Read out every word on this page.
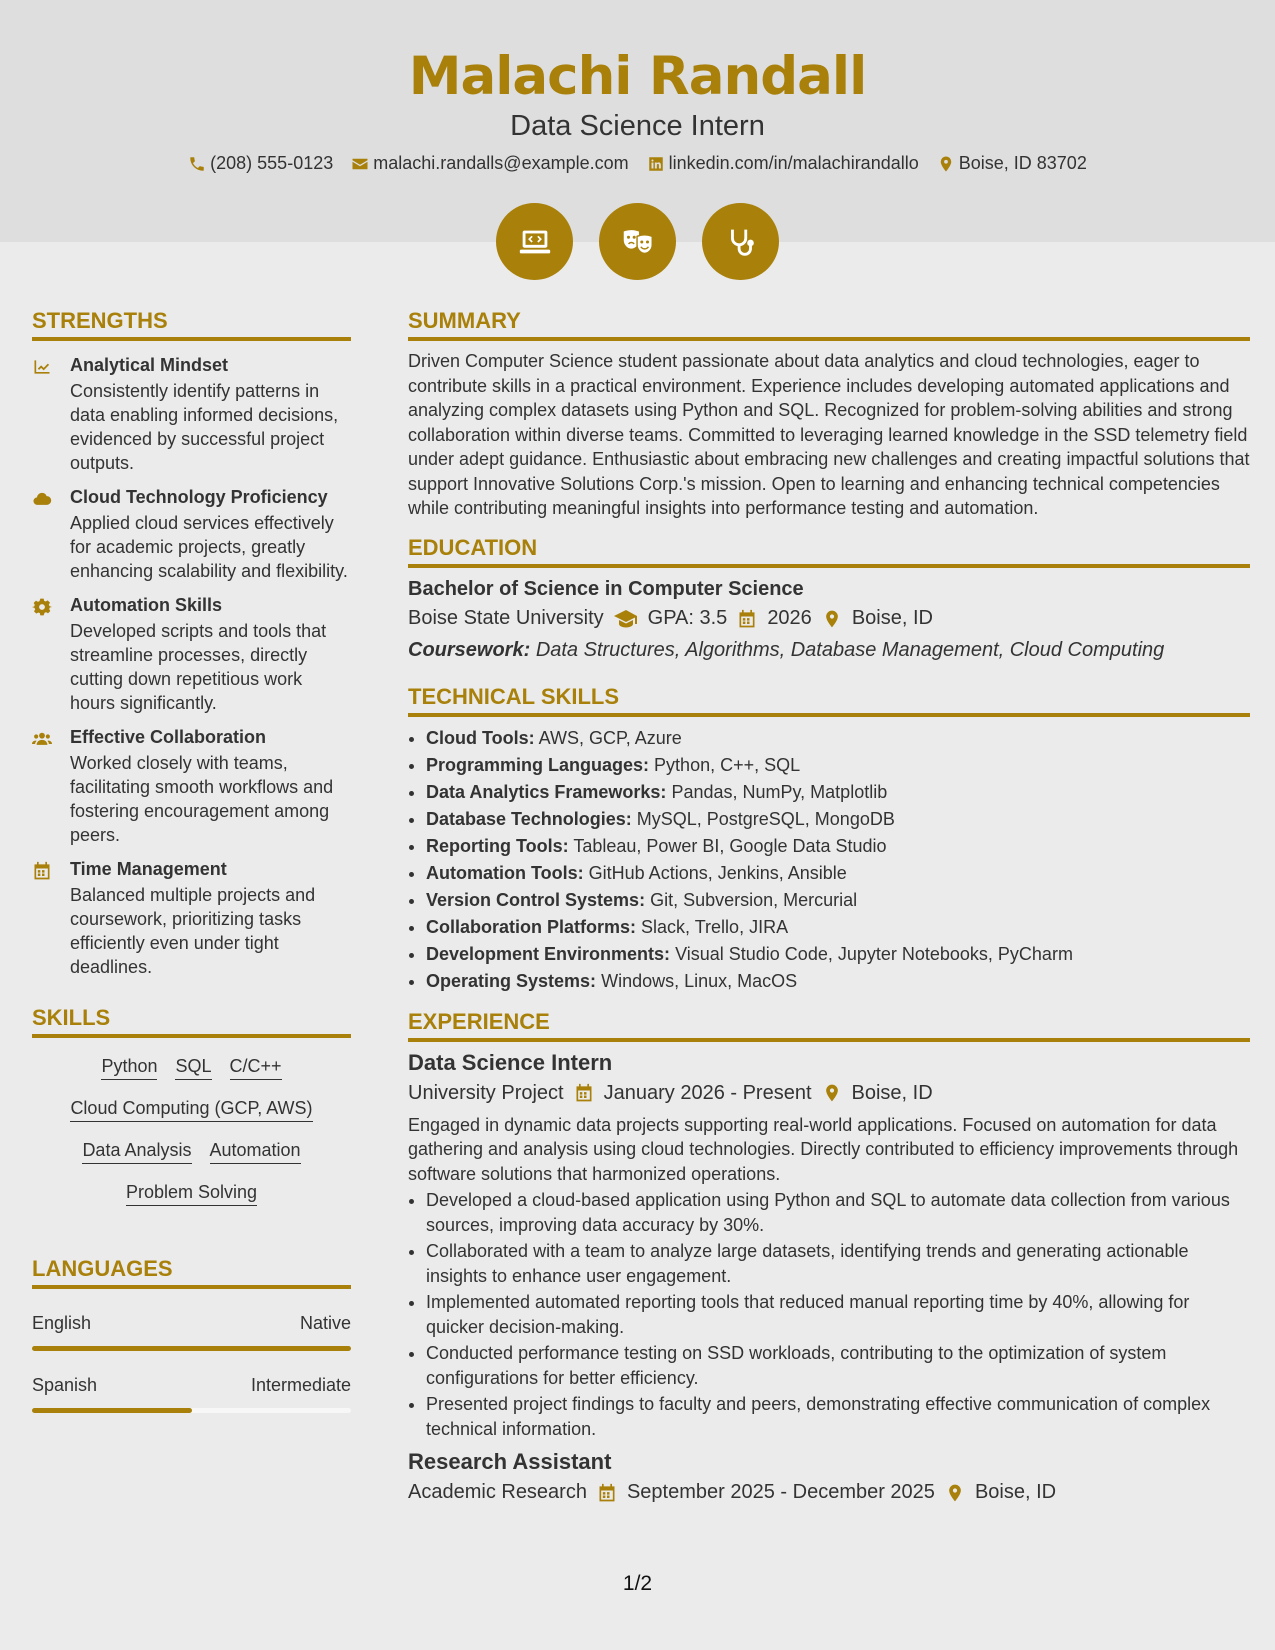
Malachi Randall
Data Science Intern
(208) 555-0123 malachi.randalls@example.com linkedin.com/in/malachirandallo Boise, ID 83702
STRENGTHS
Analytical Mindset

Consistently identify patterns in data enabling informed decisions, evidenced by successful project outputs.

Cloud Technology Proficiency

Applied cloud services effectively for academic projects, greatly enhancing scalability and flexibility.

Automation Skills

Developed scripts and tools that streamline processes, directly cutting down repetitious work hours significantly.

Effective Collaboration

Worked closely with teams, facilitating smooth workflows and fostering encouragement among peers.

Time Management

Balanced multiple projects and coursework, prioritizing tasks efficiently even under tight deadlines.

SKILLS
Python SQL C/C++
Cloud Computing (GCP, AWS)
Data Analysis Automation
Problem Solving
LANGUAGES
English	Native
Spanish	Intermediate
SUMMARY

Driven Computer Science student passionate about data analytics and cloud technologies, eager to contribute skills in a practical environment. Experience includes developing automated applications and analyzing complex datasets using Python and SQL. Recognized for problem-solving abilities and strong collaboration within diverse teams. Committed to leveraging learned knowledge in the SSD telemetry field under adept guidance. Enthusiastic about embracing new challenges and creating impactful solutions that support Innovative Solutions Corp.'s mission. Open to learning and enhancing technical competencies while contributing meaningful insights into performance testing and automation.

EDUCATION
Bachelor of Science in Computer Science
Boise State University GPA: 3.5 2026 Boise, ID
Coursework: Data Structures, Algorithms, Database Management, Cloud Computing
TECHNICAL SKILLS
• Cloud Tools: AWS, GCP, Azure
• Programming Languages: Python, C++, SQL
• Data Analytics Frameworks: Pandas, NumPy, Matplotlib
• Database Technologies: MySQL, PostgreSQL, MongoDB
• Reporting Tools: Tableau, Power BI, Google Data Studio
• Automation Tools: GitHub Actions, Jenkins, Ansible
• Version Control Systems: Git, Subversion, Mercurial
• Collaboration Platforms: Slack, Trello, JIRA
• Development Environments: Visual Studio Code, Jupyter Notebooks, PyCharm
• Operating Systems: Windows, Linux, MacOS
EXPERIENCE
Data Science Intern
University Project January 2026 - Present Boise, ID

Engaged in dynamic data projects supporting real-world applications. Focused on automation for data gathering and analysis using cloud technologies. Directly contributed to efficiency improvements through software solutions that harmonized operations.

• Developed a cloud-based application using Python and SQL to automate data collection from various sources, improving data accuracy by 30%.
• Collaborated with a team to analyze large datasets, identifying trends and generating actionable insights to enhance user engagement.
• Implemented automated reporting tools that reduced manual reporting time by 40%, allowing for quicker decision-making.
• Conducted performance testing on SSD workloads, contributing to the optimization of system configurations for better efficiency.
• Presented project findings to faculty and peers, demonstrating effective communication of complex technical information.
Research Assistant
Academic Research September 2025 - December 2025 Boise, ID
1/2
